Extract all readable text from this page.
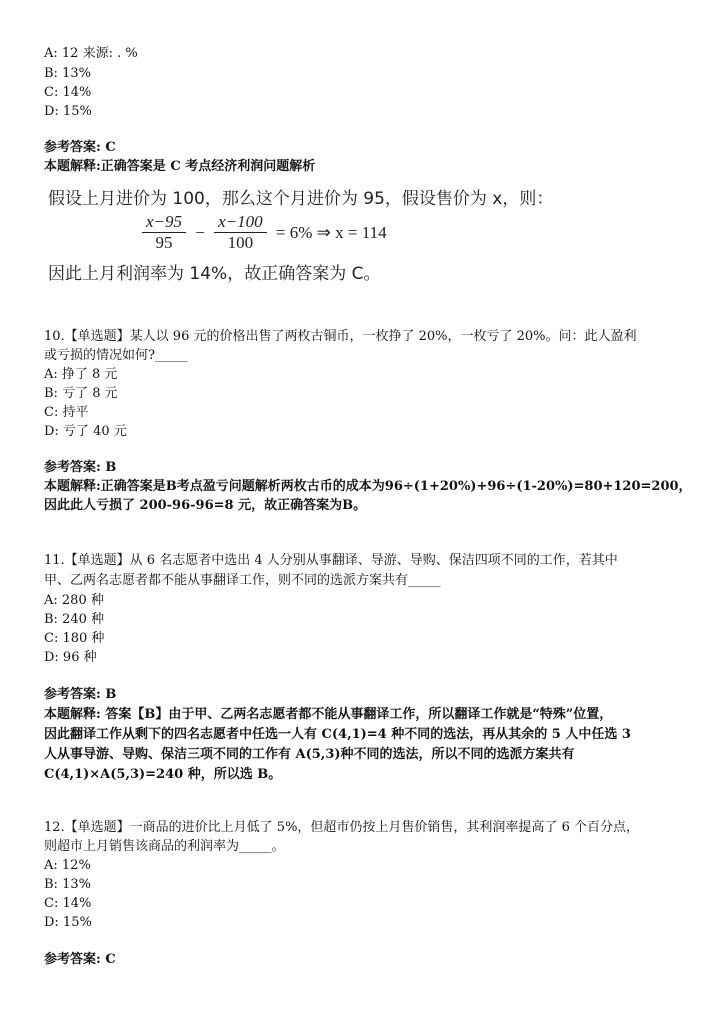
A: 12 来源: . %
B: 13%
C: 14%
D: 15%
参考答案: C
本题解释:正确答案是 C 考点经济利润问题解析
假设上月进价为 100，那么这个月进价为 95，假设售价为 x，则：
$\frac{x-95}{95} - \frac{x-100}{100} = 6\%$ ⇒ x = 114
因此上月利润率为 14%，故正确答案为 C。
10.【单选题】某人以 96 元的价格出售了两枚古铜币，一枚挣了 20%，一枚亏了 20%。问：此人盈利
或亏损的情况如何?_____
A: 挣了 8 元
B: 亏了 8 元
C: 持平
D: 亏了 40 元
参考答案: B
本题解释:正确答案是B考点盈亏问题解析两枚古币的成本为96÷(1+20%)+96÷(1-20%)=80+120=200，
因此此人亏损了 200-96-96=8 元，故正确答案为B。
11.【单选题】从 6 名志愿者中选出 4 人分别从事翻译、导游、导购、保洁四项不同的工作，若其中
甲、乙两名志愿者都不能从事翻译工作，则不同的选派方案共有_____
A: 280 种
B: 240 种
C: 180 种
D: 96 种
参考答案: B
本题解释: 答案【B】由于甲、乙两名志愿者都不能从事翻译工作，所以翻译工作就是“特殊”位置，
因此翻译工作从剩下的四名志愿者中任选一人有 C(4,1)=4 种不同的选法，再从其余的 5 人中任选 3
人从事导游、导购、保洁三项不同的工作有 A(5,3)种不同的选法，所以不同的选派方案共有
C(4,1)×A(5,3)=240 种，所以选 B。
12.【单选题】一商品的进价比上月低了 5%，但超市仍按上月售价销售，其利润率提高了 6 个百分点，
则超市上月销售该商品的利润率为_____。
A: 12%
B: 13%
C: 14%
D: 15%
参考答案: C
